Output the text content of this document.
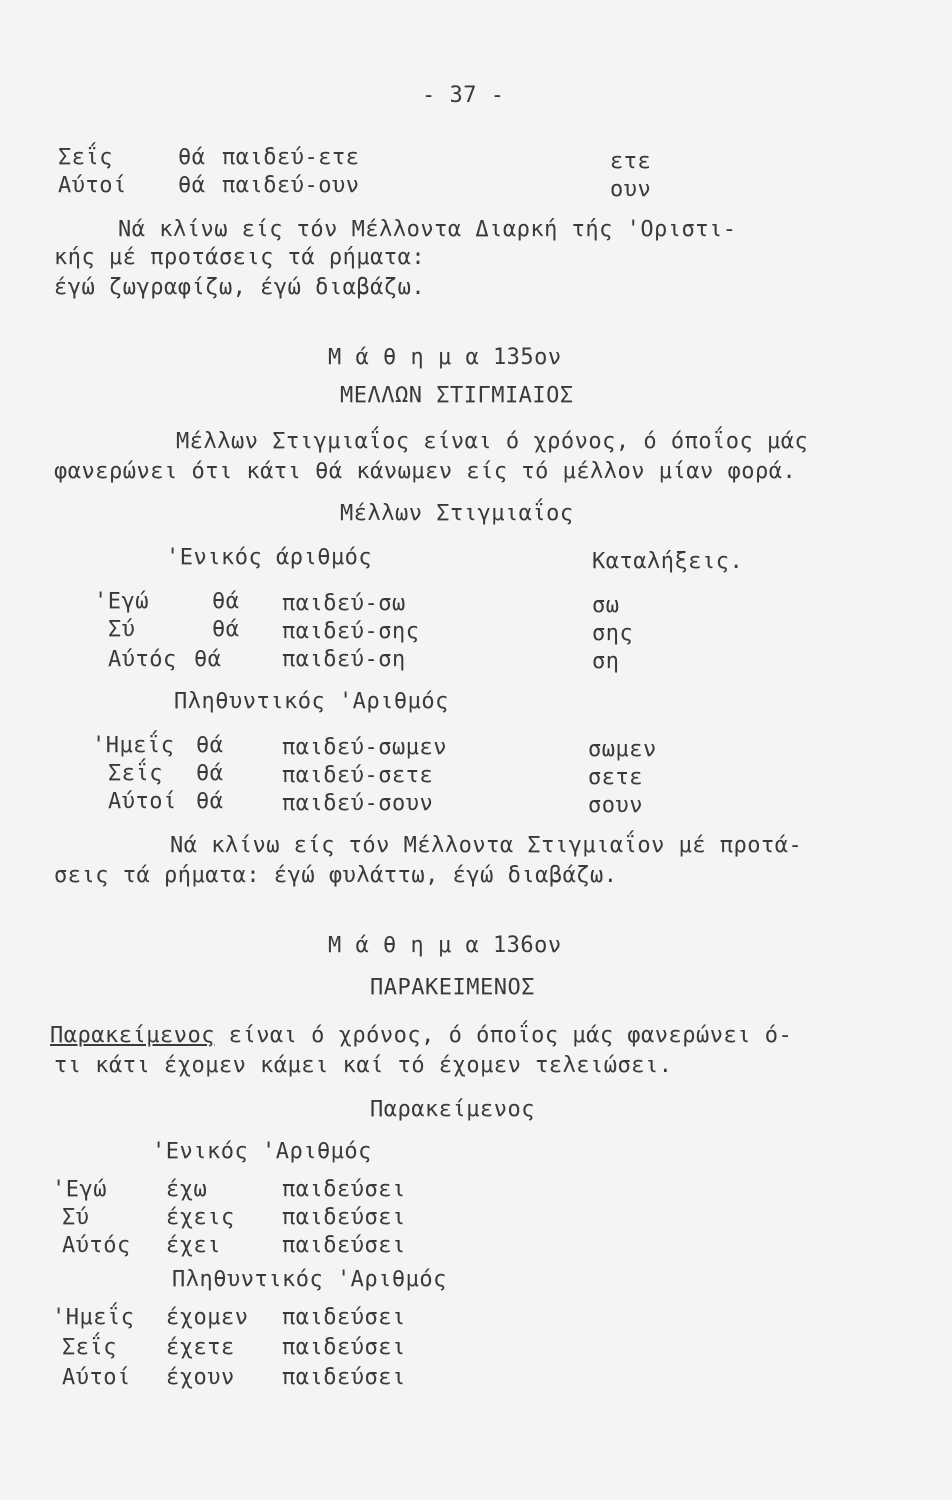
- 37 -
Σεΐς	θά παιδεύ-ετε	ετε
Αύτοί θά παιδεύ-ουν	ουν
Νά κλίνω είς τόν Μέλλοντα Διαρκή τής 'Οριστι-
κής μέ προτάσεις τά ρήματα:
έγώ ζωγραφίζω, έγώ διαβάζω.
Μ ά θ η μ α 135ον
ΜΕΛΛΩΝ ΣΤΙΓΜΙΑΙΟΣ
Μέλλων Στιγμιαΐος είναι ό χρόνος, ό όποΐος μάς
φανερώνει ότι κάτι θά κάνωμεν είς τό μέλλον μίαν φορά.
Μέλλων Στιγμιαΐος
'Ενικός άριθμός	Καταλήξεις.
'Εγώ	θά παιδεύ-σω	σω
Σύ	θά παιδεύ-σης	σης
Αύτός θά	παιδεύ-ση	ση
Πληθυντικός 'Αριθμός
'Ημεΐς θά	παιδεύ-σωμεν	σωμεν
Σεΐς θά	παιδεύ-σετε	σετε
Αύτοί θά	παιδεύ-σουν	σουν
Νά κλίνω είς τόν Μέλλοντα Στιγμιαΐον μέ προτά-
σεις τά ρήματα: έγώ φυλάττω, έγώ διαβάζω.
Μ ά θ η μ α 136ον
ΠΑΡΑΚΕΙΜΕΝΟΣ
Παρακείμενος είναι ό χρόνος, ό όποΐος μάς φανερώνει ό-
τι κάτι έχομεν κάμει καί τό έχομεν τελειώσει.
Παρακείμενος
'Ενικός 'Αριθμός
'Εγώ	έχω	παιδεύσει
Σύ	έχεις παιδεύσει
Αύτός έχει	παιδεύσει
Πληθυντικός 'Αριθμός
'Ημεΐς έχομεν παιδεύσει
Σεΐς έχετε παιδεύσει
Αύτοί έχουν παιδεύσει
